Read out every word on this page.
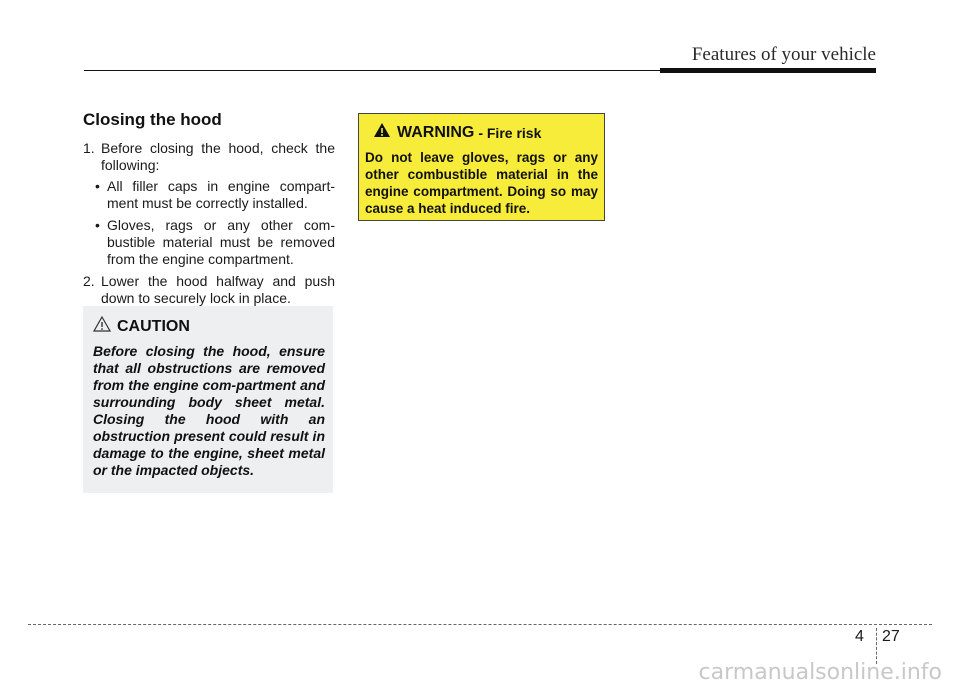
Features of your vehicle
Closing the hood
1. Before closing the hood, check the following:
• All filler caps in engine compart-ment must be correctly installed.
• Gloves, rags or any other com-bustible material must be removed from the engine compartment.
2. Lower the hood halfway and push down to securely lock in place.
CAUTION
Before closing the hood, ensure that all obstructions are removed from the engine com-partment and surrounding body sheet metal. Closing the hood with an obstruction present could result in damage to the engine, sheet metal or the impacted objects.
WARNING - Fire risk
Do not leave gloves, rags or any other combustible material in the engine compartment. Doing so may cause a heat induced fire.
4 27
carmanualsonline.info
